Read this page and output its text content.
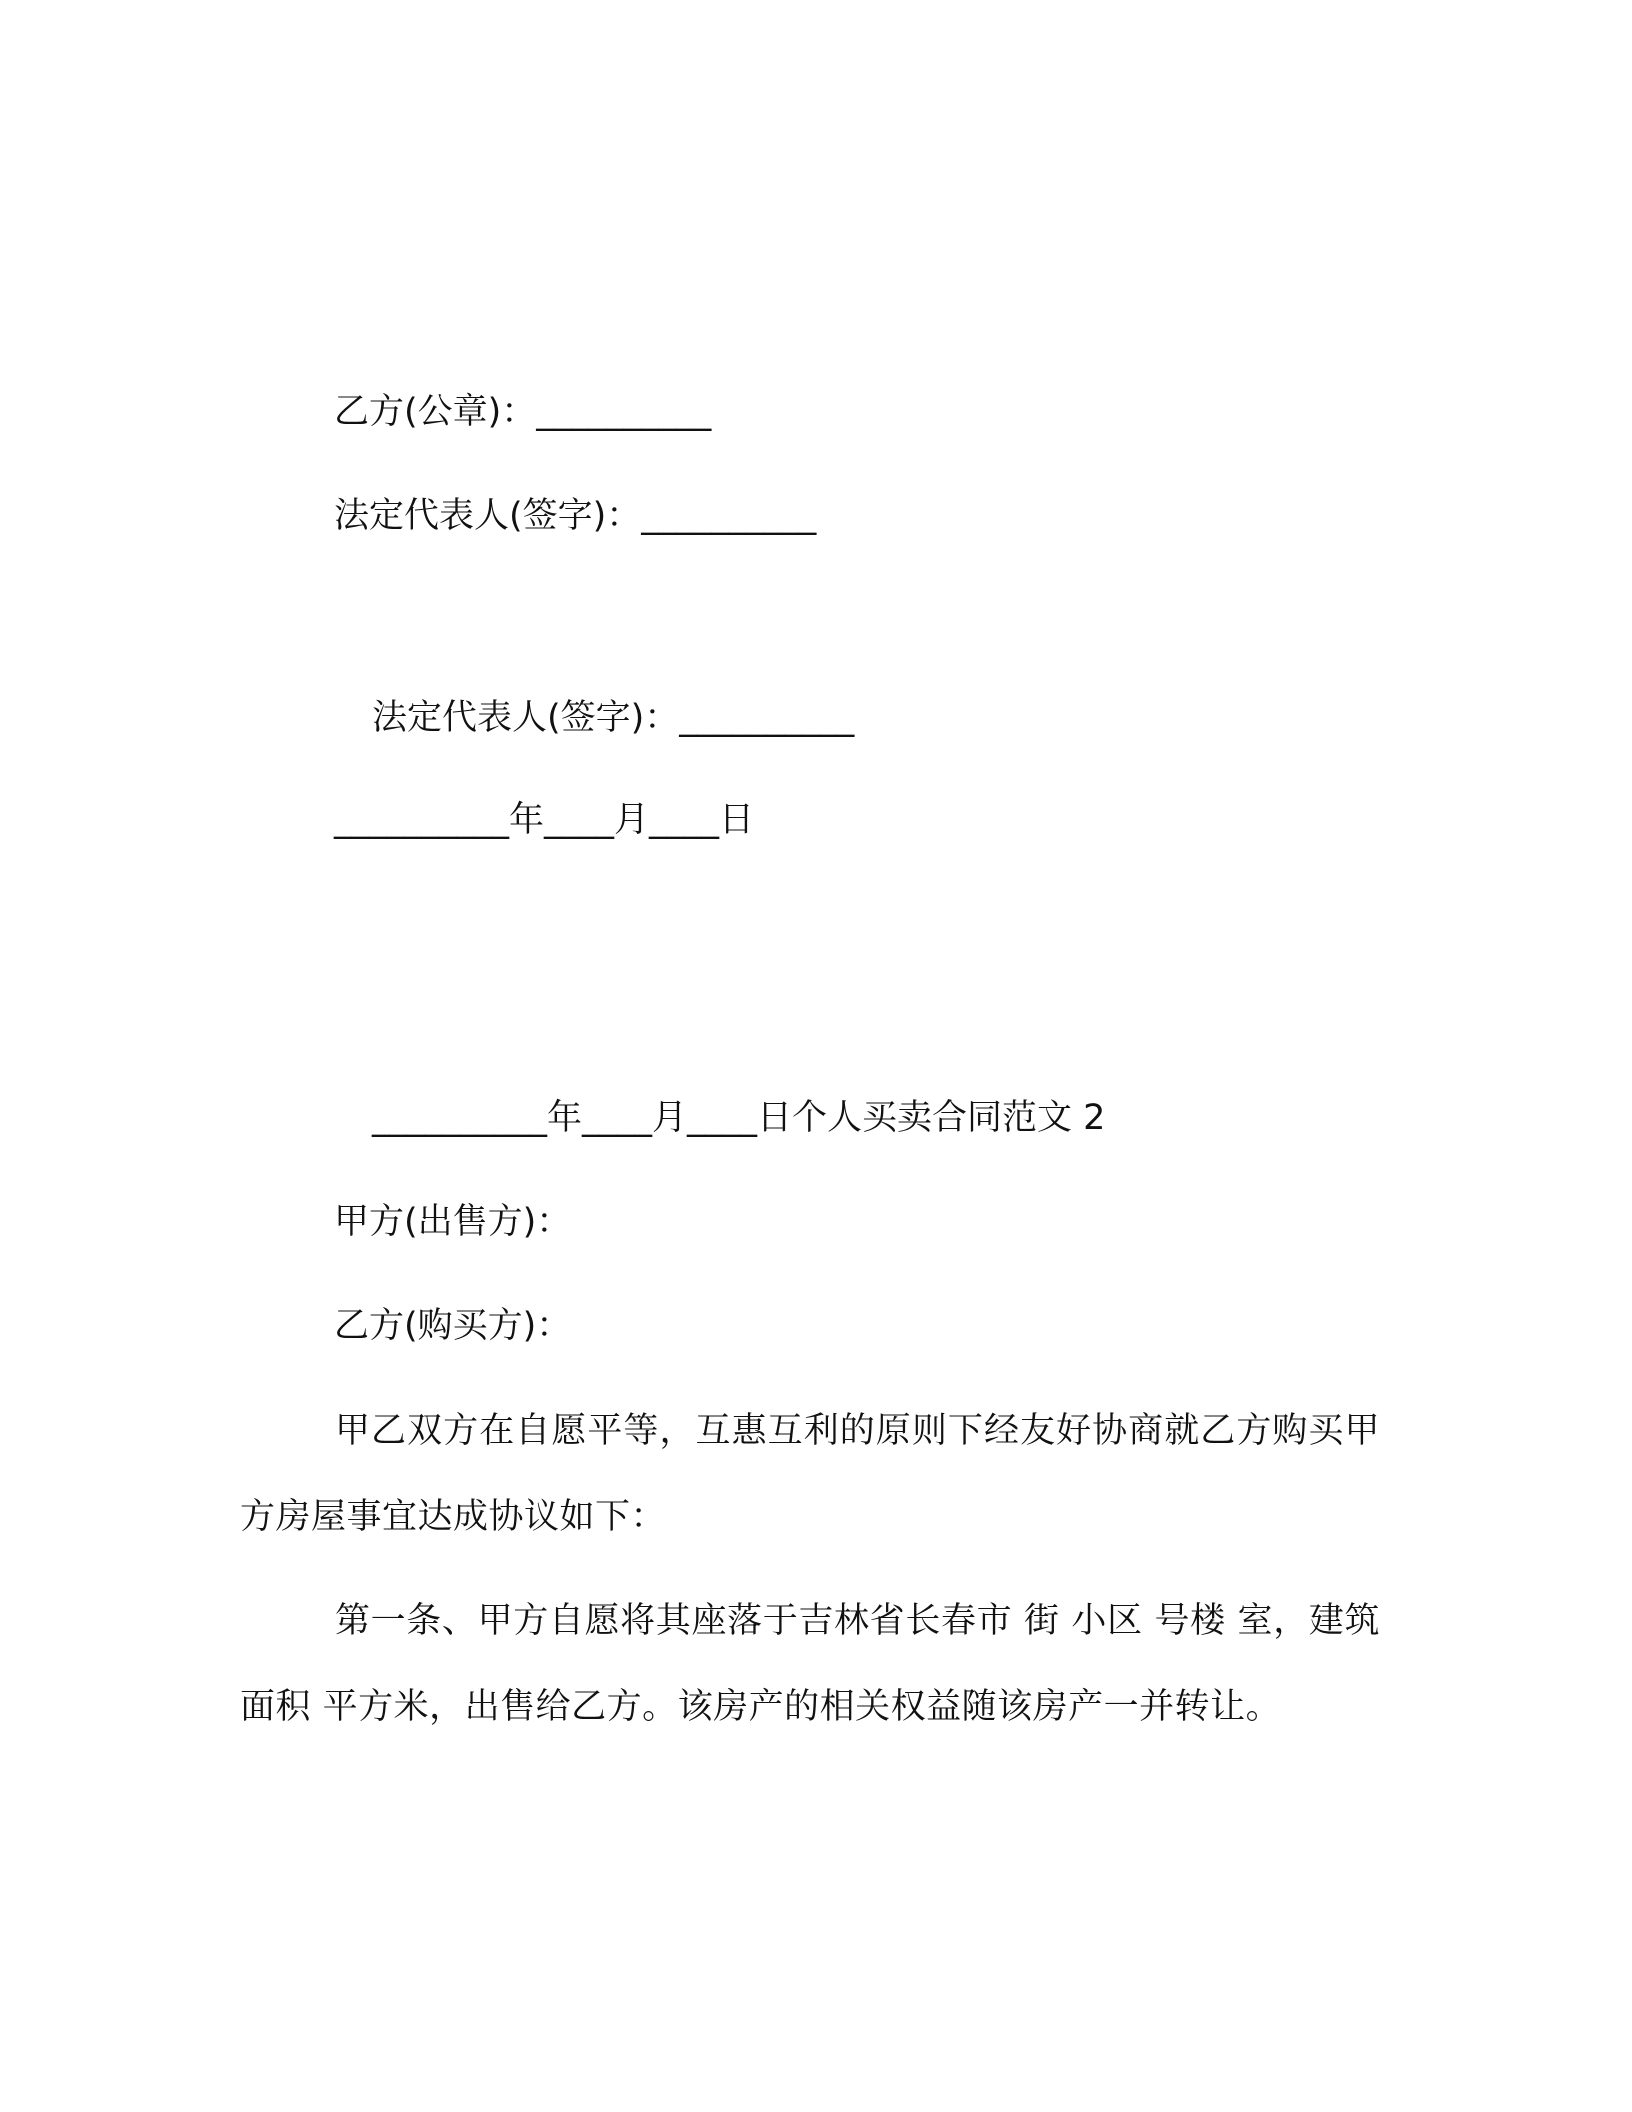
乙方(公章)：__________
法定代表人(签字)：__________
法定代表人(签字)：__________
__________年____月____日
__________年____月____日个人买卖合同范文 2
甲方(出售方)：
乙方(购买方)：
甲乙双方在自愿平等，互惠互利的原则下经友好协商就乙方购买甲方房屋事宜达成协议如下：
第一条、甲方自愿将其座落于吉林省长春市 街 小区 号楼 室，建筑面积 平方米，出售给乙方。该房产的相关权益随该房产一并转让。
